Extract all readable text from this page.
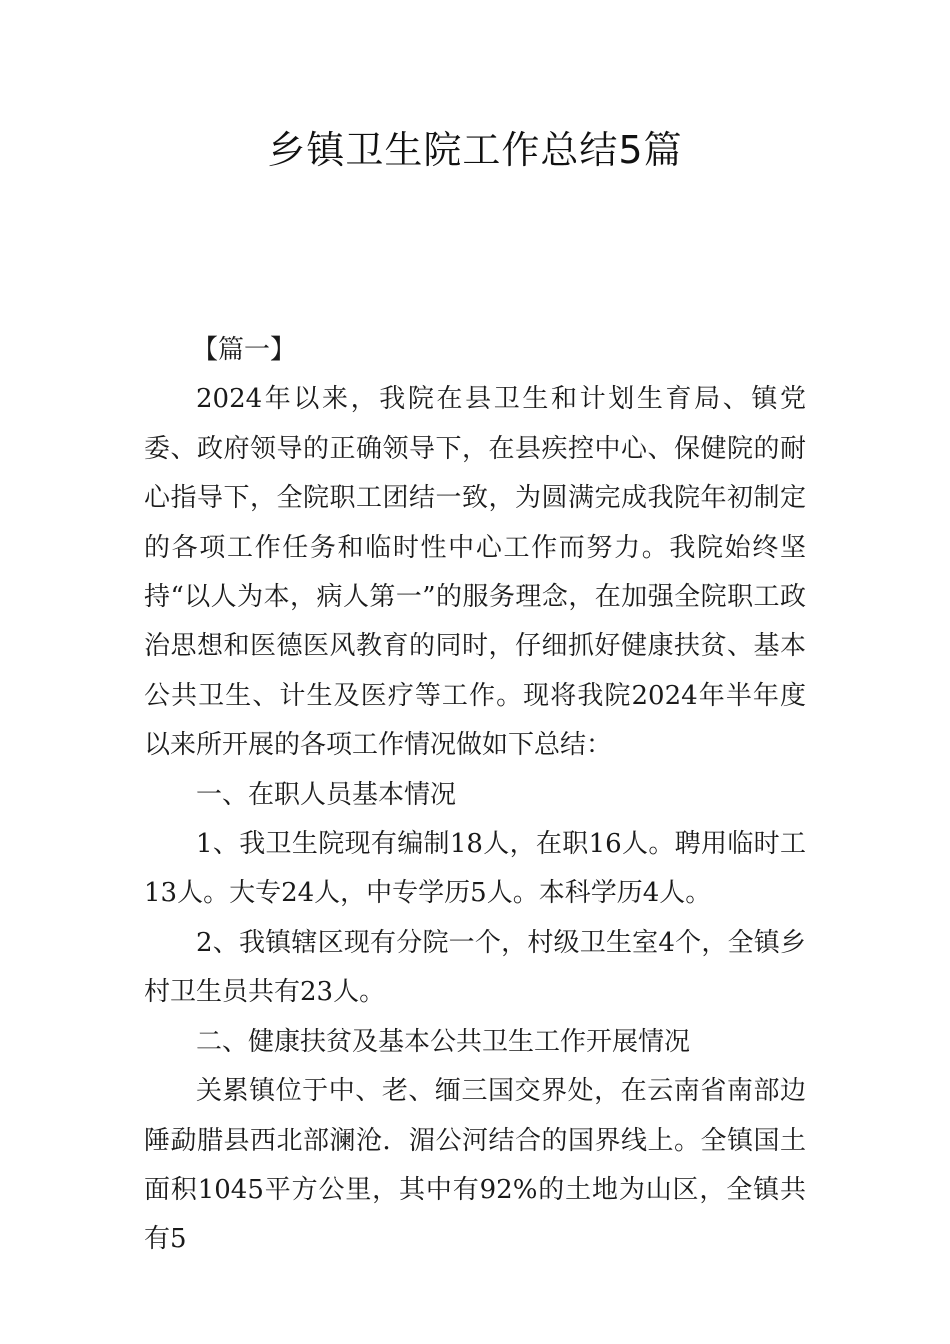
乡镇卫生院工作总结5篇

【篇一】

2024年以来，我院在县卫生和计划生育局、镇党委、政府领导的正确领导下，在县疾控中心、保健院的耐心指导下，全院职工团结一致，为圆满完成我院年初制定的各项工作任务和临时性中心工作而努力。我院始终坚持“以人为本，病人第一”的服务理念，在加强全院职工政治思想和医德医风教育的同时，仔细抓好健康扶贫、基本公共卫生、计生及医疗等工作。现将我院2024年半年度以来所开展的各项工作情况做如下总结：

一、在职人员基本情况

1、我卫生院现有编制18人，在职16人。聘用临时工13人。大专24人，中专学历5人。本科学历4人。

2、我镇辖区现有分院一个，村级卫生室4个，全镇乡村卫生员共有23人。

二、健康扶贫及基本公共卫生工作开展情况

关累镇位于中、老、缅三国交界处，在云南省南部边陲勐腊县西北部澜沧．湄公河结合的国界线上。全镇国土面积1045平方公里，其中有92%的土地为山区，全镇共有5
